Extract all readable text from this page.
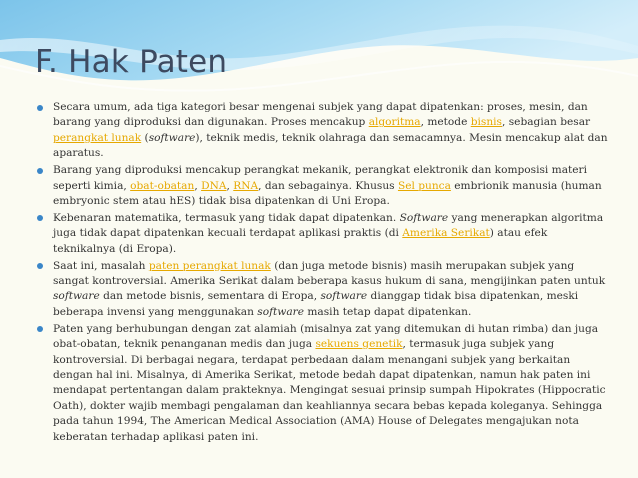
F. Hak Paten
Secara umum, ada tiga kategori besar mengenai subjek yang dapat dipatenkan: proses, mesin, dan barang yang diproduksi dan digunakan. Proses mencakup algoritma, metode bisnis, sebagian besar perangkat lunak (software), teknik medis, teknik olahraga dan semacamnya. Mesin mencakup alat dan aparatus.
Barang yang diproduksi mencakup perangkat mekanik, perangkat elektronik dan komposisi materi seperti kimia, obat-obatan, DNA, RNA, dan sebagainya. Khusus Sel punca embrionik manusia (human embryonic stem atau hES) tidak bisa dipatenkan di Uni Eropa.
Kebenaran matematika, termasuk yang tidak dapat dipatenkan. Software yang menerapkan algoritma juga tidak dapat dipatenkan kecuali terdapat aplikasi praktis (di Amerika Serikat) atau efek teknikalnya (di Eropa).
Saat ini, masalah paten perangkat lunak (dan juga metode bisnis) masih merupakan subjek yang sangat kontroversial. Amerika Serikat dalam beberapa kasus hukum di sana, mengijinkan paten untuk software dan metode bisnis, sementara di Eropa, software dianggap tidak bisa dipatenkan, meski beberapa invensi yang menggunakan software masih tetap dapat dipatenkan.
Paten yang berhubungan dengan zat alamiah (misalnya zat yang ditemukan di hutan rimba) dan juga obat-obatan, teknik penanganan medis dan juga sekuens genetik, termasuk juga subjek yang kontroversial. Di berbagai negara, terdapat perbedaan dalam menangani subjek yang berkaitan dengan hal ini. Misalnya, di Amerika Serikat, metode bedah dapat dipatenkan, namun hak paten ini mendapat pertentangan dalam prakteknya. Mengingat sesuai prinsip sumpah Hipokrates (Hippocratic Oath), dokter wajib membagi pengalaman dan keahliannya secara bebas kepada koleganya. Sehingga pada tahun 1994, The American Medical Association (AMA) House of Delegates mengajukan nota keberatan terhadap aplikasi paten ini.
